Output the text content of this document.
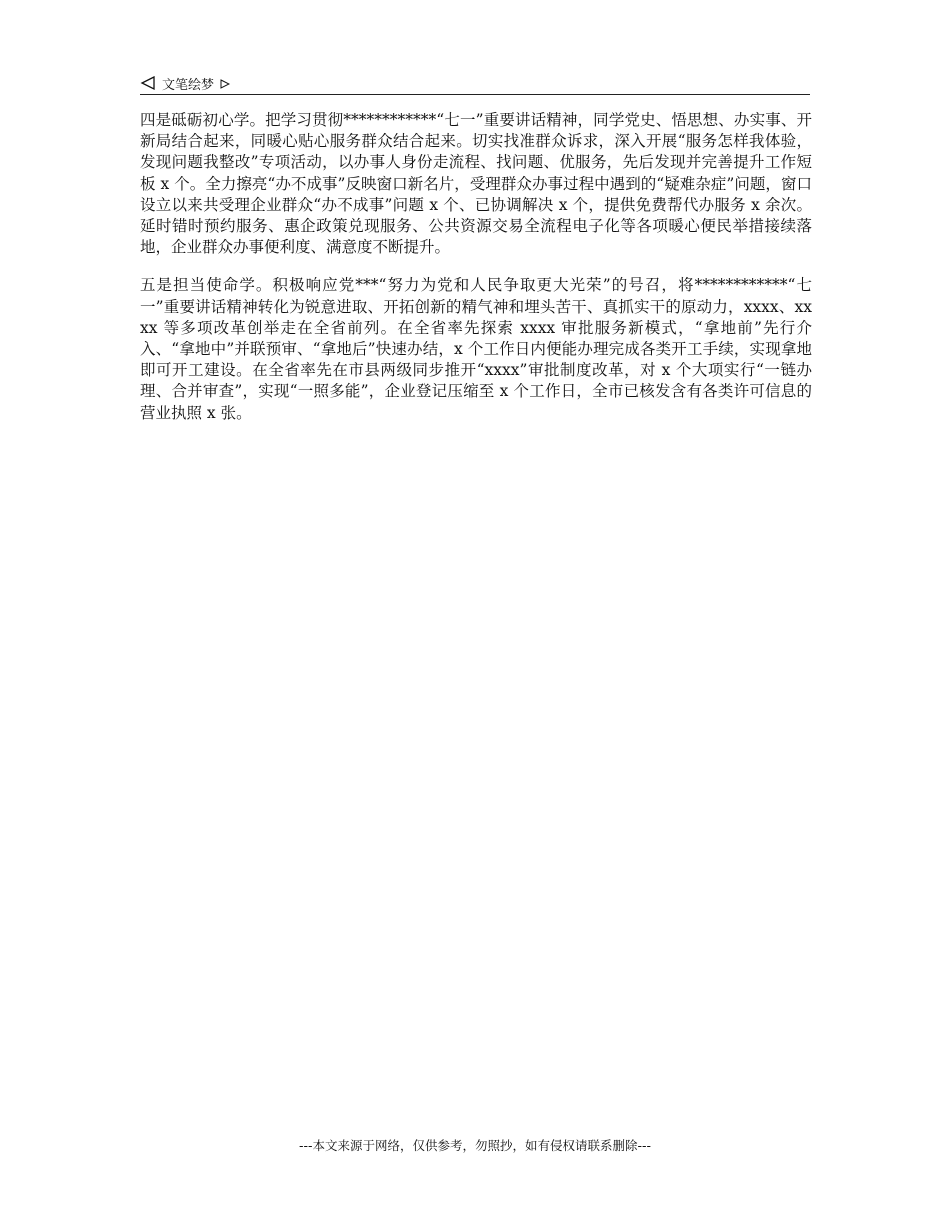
文笔绘梦

四是砥砺初心学。把学习贯彻************“七一”重要讲话精神，同学党史、悟思想、办实事、开新局结合起来，同暖心贴心服务群众结合起来。切实找准群众诉求，深入开展“服务怎样我体验，发现问题我整改”专项活动，以办事人身份走流程、找问题、优服务，先后发现并完善提升工作短板 x 个。全力擦亮“办不成事”反映窗口新名片，受理群众办事过程中遇到的“疑难杂症”问题，窗口设立以来共受理企业群众“办不成事”问题 x 个、已协调解决 x 个，提供免费帮代办服务 x 余次。延时错时预约服务、惠企政策兑现服务、公共资源交易全流程电子化等各项暖心便民举措接续落地，企业群众办事便利度、满意度不断提升。

五是担当使命学。积极响应党***“努力为党和人民争取更大光荣”的号召，将************“七一”重要讲话精神转化为锐意进取、开拓创新的精气神和埋头苦干、真抓实干的原动力，xxxx、xxxx 等多项改革创举走在全省前列。在全省率先探索 xxxx 审批服务新模式，“拿地前”先行介入、“拿地中”并联预审、“拿地后”快速办结，x 个工作日内便能办理完成各类开工手续，实现拿地即可开工建设。在全省率先在市县两级同步推开“xxxx”审批制度改革，对 x 个大项实行“一链办理、合并审查”，实现“一照多能”，企业登记压缩至 x 个工作日，全市已核发含有各类许可信息的营业执照 x 张。

---本文来源于网络，仅供参考，勿照抄，如有侵权请联系删除---
